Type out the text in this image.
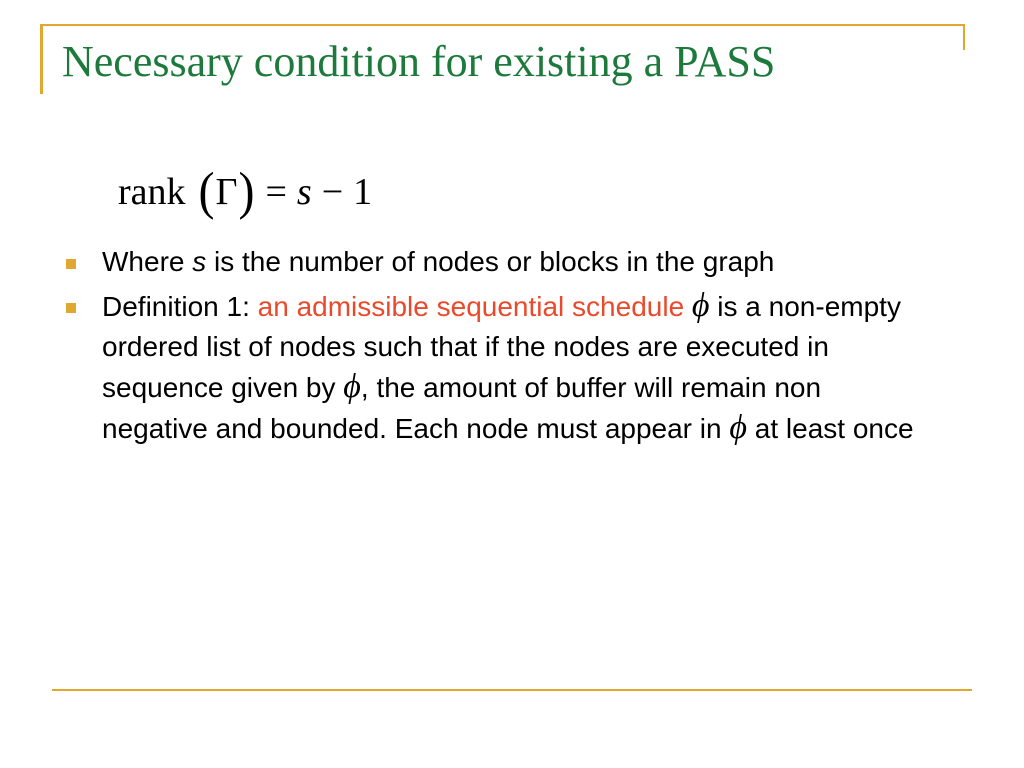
Necessary condition for existing a PASS
rank ( Γ ) = s − 1
Where s is the number of nodes or blocks in the graph
Definition 1: an admissible sequential schedule ϕ is a non-empty ordered list of nodes such that if the nodes are executed in sequence given by ϕ, the amount of buffer will remain non negative and bounded. Each node must appear in ϕ at least once
